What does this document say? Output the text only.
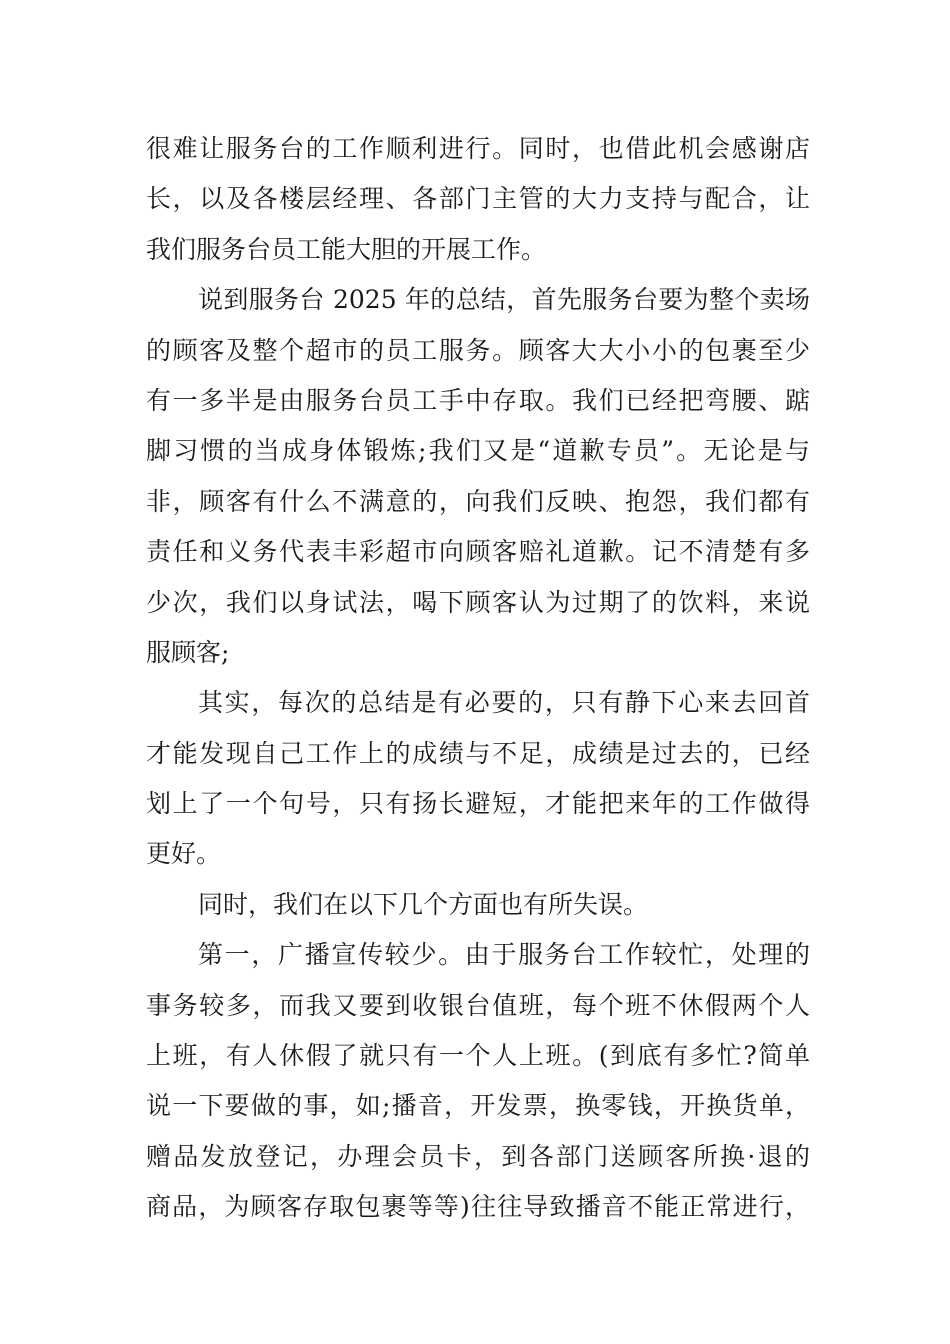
很难让服务台的工作顺利进行。同时，也借此机会感谢店
长，以及各楼层经理、各部门主管的大力支持与配合，让
我们服务台员工能大胆的开展工作。
说到服务台 2025 年的总结，首先服务台要为整个卖场
的顾客及整个超市的员工服务。顾客大大小小的包裹至少
有一多半是由服务台员工手中存取。我们已经把弯腰、踮
脚习惯的当成身体锻炼;我们又是“道歉专员”。无论是与
非，顾客有什么不满意的，向我们反映、抱怨，我们都有
责任和义务代表丰彩超市向顾客赔礼道歉。记不清楚有多
少次，我们以身试法，喝下顾客认为过期了的饮料，来说
服顾客;
其实，每次的总结是有必要的，只有静下心来去回首
才能发现自己工作上的成绩与不足，成绩是过去的，已经
划上了一个句号，只有扬长避短，才能把来年的工作做得
更好。
同时，我们在以下几个方面也有所失误。
第一，广播宣传较少。由于服务台工作较忙，处理的
事务较多，而我又要到收银台值班，每个班不休假两个人
上班，有人休假了就只有一个人上班。(到底有多忙?简单
说一下要做的事，如;播音，开发票，换零钱，开换货单，
赠品发放登记，办理会员卡，到各部门送顾客所换·退的
商品，为顾客存取包裹等等)往往导致播音不能正常进行，
